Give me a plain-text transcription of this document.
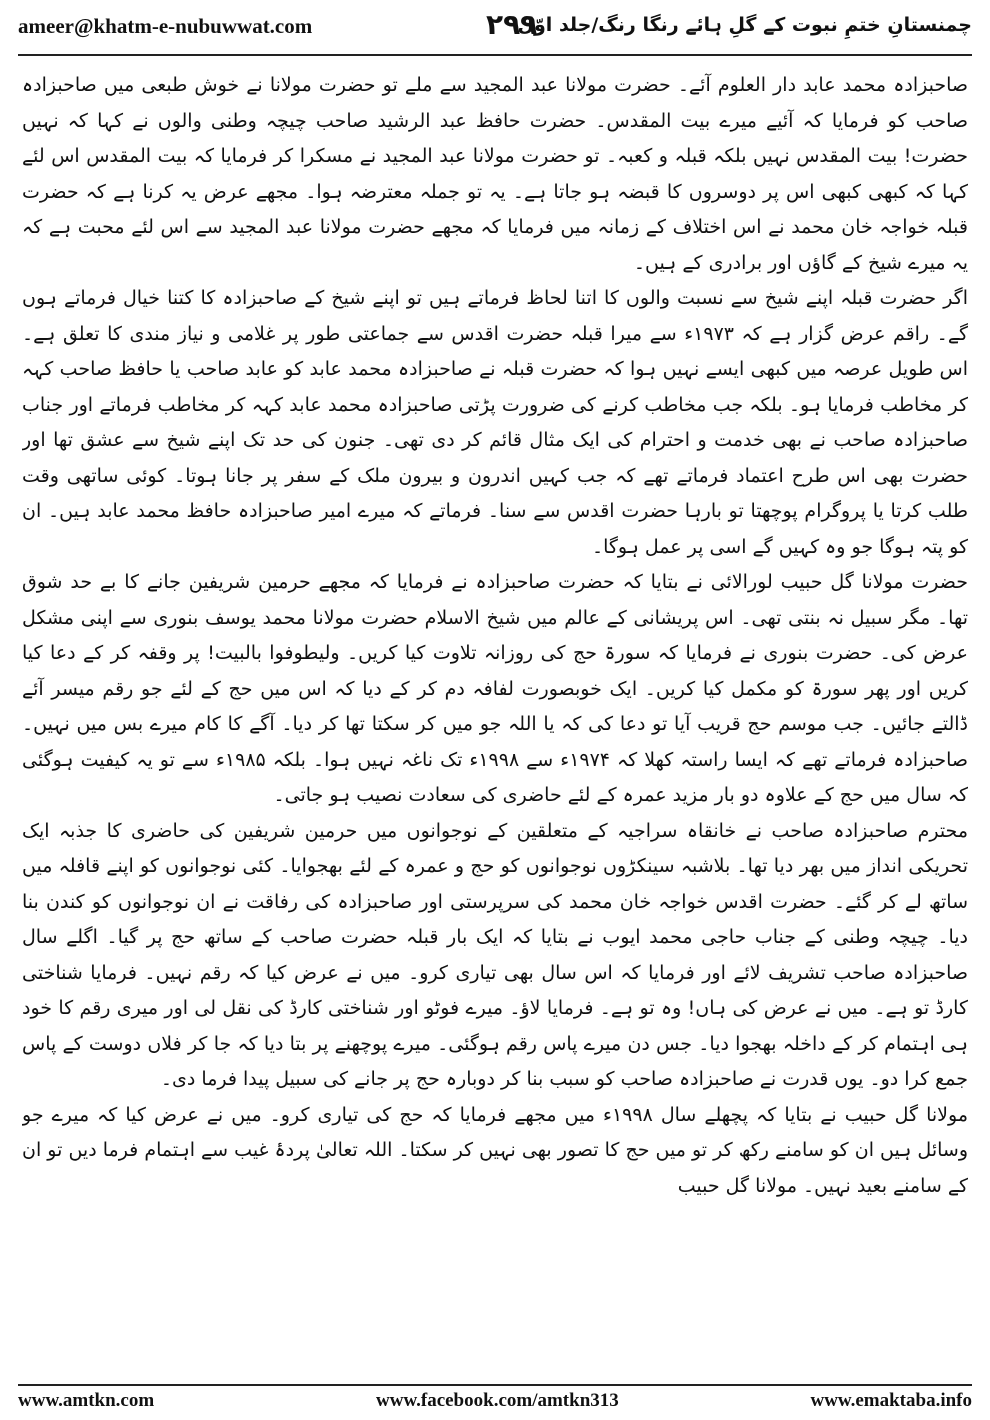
ameer@khatm-e-nubuwwat.com	۲۹۹
چمنستانِ ختمِ نبوت کے گلِ ہائے رنگا رنگ/جلد اوّل

صاحبزادہ محمد عابد دار العلوم آئے۔ حضرت مولانا عبد المجید سے ملے تو حضرت مولانا نے خوش طبعی میں صاحبزادہ صاحب کو فرمایا کہ آئیے میرے بیت المقدس۔ حضرت حافظ عبد الرشید صاحب چیچہ وطنی والوں نے کہا کہ نہیں حضرت! بیت المقدس نہیں بلکہ قبلہ و کعبہ۔ تو حضرت مولانا عبد المجید نے مسکرا کر فرمایا کہ بیت المقدس اس لئے کہا کہ کبھی کبھی اس پر دوسروں کا قبضہ ہو جاتا ہے۔ یہ تو جملہ معترضہ ہوا۔ مجھے عرض یہ کرنا ہے کہ حضرت قبلہ خواجہ خان محمد نے اس اختلاف کے زمانہ میں فرمایا کہ مجھے حضرت مولانا عبد المجید سے اس لئے محبت ہے کہ یہ میرے شیخ کے گاؤں اور برادری کے ہیں۔

اگر حضرت قبلہ اپنے شیخ سے نسبت والوں کا اتنا لحاظ فرماتے ہیں تو اپنے شیخ کے صاحبزادہ کا کتنا خیال فرماتے ہوں گے۔ راقم عرض گزار ہے کہ ۱۹۷۳ء سے میرا قبلہ حضرت اقدس سے جماعتی طور پر غلامی و نیاز مندی کا تعلق ہے۔ اس طویل عرصہ میں کبھی ایسے نہیں ہوا کہ حضرت قبلہ نے صاحبزادہ محمد عابد کو عابد صاحب یا حافظ صاحب کہہ کر مخاطب فرمایا ہو۔ بلکہ جب مخاطب کرنے کی ضرورت پڑتی صاحبزادہ محمد عابد کہہ کر مخاطب فرماتے اور جناب صاحبزادہ صاحب نے بھی خدمت و احترام کی ایک مثال قائم کر دی تھی۔ جنون کی حد تک اپنے شیخ سے عشق تھا اور حضرت بھی اس طرح اعتماد فرماتے تھے کہ جب کہیں اندرون و بیرون ملک کے سفر پر جانا ہوتا۔ کوئی ساتھی وقت طلب کرتا یا پروگرام پوچھتا تو بارہا حضرت اقدس سے سنا۔ فرماتے کہ میرے امیر صاحبزادہ حافظ محمد عابد ہیں۔ ان کو پتہ ہوگا جو وہ کہیں گے اسی پر عمل ہوگا۔

حضرت مولانا گل حبیب لورالائی نے بتایا کہ حضرت صاحبزادہ نے فرمایا کہ مجھے حرمین شریفین جانے کا بے حد شوق تھا۔ مگر سبیل نہ بنتی تھی۔ اس پریشانی کے عالم میں شیخ الاسلام حضرت مولانا محمد یوسف بنوری سے اپنی مشکل عرض کی۔ حضرت بنوری نے فرمایا کہ سورۃ حج کی روزانہ تلاوت کیا کریں۔ ولیطوفوا بالبیت! پر وقفہ کر کے دعا کیا کریں اور پھر سورۃ کو مکمل کیا کریں۔ ایک خوبصورت لفافہ دم کر کے دیا کہ اس میں حج کے لئے جو رقم میسر آئے ڈالتے جائیں۔ جب موسم حج قریب آیا تو دعا کی کہ یا اللہ جو میں کر سکتا تھا کر دیا۔ آگے کا کام میرے بس میں نہیں۔ صاحبزادہ فرماتے تھے کہ ایسا راستہ کھلا کہ ۱۹۷۴ء سے ۱۹۹۸ء تک ناغہ نہیں ہوا۔ بلکہ ۱۹۸۵ء سے تو یہ کیفیت ہوگئی کہ سال میں حج کے علاوہ دو بار مزید عمرہ کے لئے حاضری کی سعادت نصیب ہو جاتی۔

محترم صاحبزادہ صاحب نے خانقاہ سراجیہ کے متعلقین کے نوجوانوں میں حرمین شریفین کی حاضری کا جذبہ ایک تحریکی انداز میں بھر دیا تھا۔ بلاشبہ سینکڑوں نوجوانوں کو حج و عمرہ کے لئے بھجوایا۔ کئی نوجوانوں کو اپنے قافلہ میں ساتھ لے کر گئے۔ حضرت اقدس خواجہ خان محمد کی سرپرستی اور صاحبزادہ کی رفاقت نے ان نوجوانوں کو کندن بنا دیا۔ چیچہ وطنی کے جناب حاجی محمد ایوب نے بتایا کہ ایک بار قبلہ حضرت صاحب کے ساتھ حج پر گیا۔ اگلے سال صاحبزادہ صاحب تشریف لائے اور فرمایا کہ اس سال بھی تیاری کرو۔ میں نے عرض کیا کہ رقم نہیں۔ فرمایا شناختی کارڈ تو ہے۔ میں نے عرض کی ہاں! وہ تو ہے۔ فرمایا لاؤ۔ میرے فوٹو اور شناختی کارڈ کی نقل لی اور میری رقم کا خود ہی اہتمام کر کے داخلہ بھجوا دیا۔ جس دن میرے پاس رقم ہوگئی۔ میرے پوچھنے پر بتا دیا کہ جا کر فلاں دوست کے پاس جمع کرا دو۔ یوں قدرت نے صاحبزادہ صاحب کو سبب بنا کر دوبارہ حج پر جانے کی سبیل پیدا فرما دی۔

مولانا گل حبیب نے بتایا کہ پچھلے سال ۱۹۹۸ء میں مجھے فرمایا کہ حج کی تیاری کرو۔ میں نے عرض کیا کہ میرے جو وسائل ہیں ان کو سامنے رکھ کر تو میں حج کا تصور بھی نہیں کر سکتا۔ اللہ تعالیٰ پردۂ غیب سے اہتمام فرما دیں تو ان کے سامنے بعید نہیں۔ مولانا گل حبیب

www.amtkn.com	www.facebook.com/amtkn313	www.emaktaba.info
